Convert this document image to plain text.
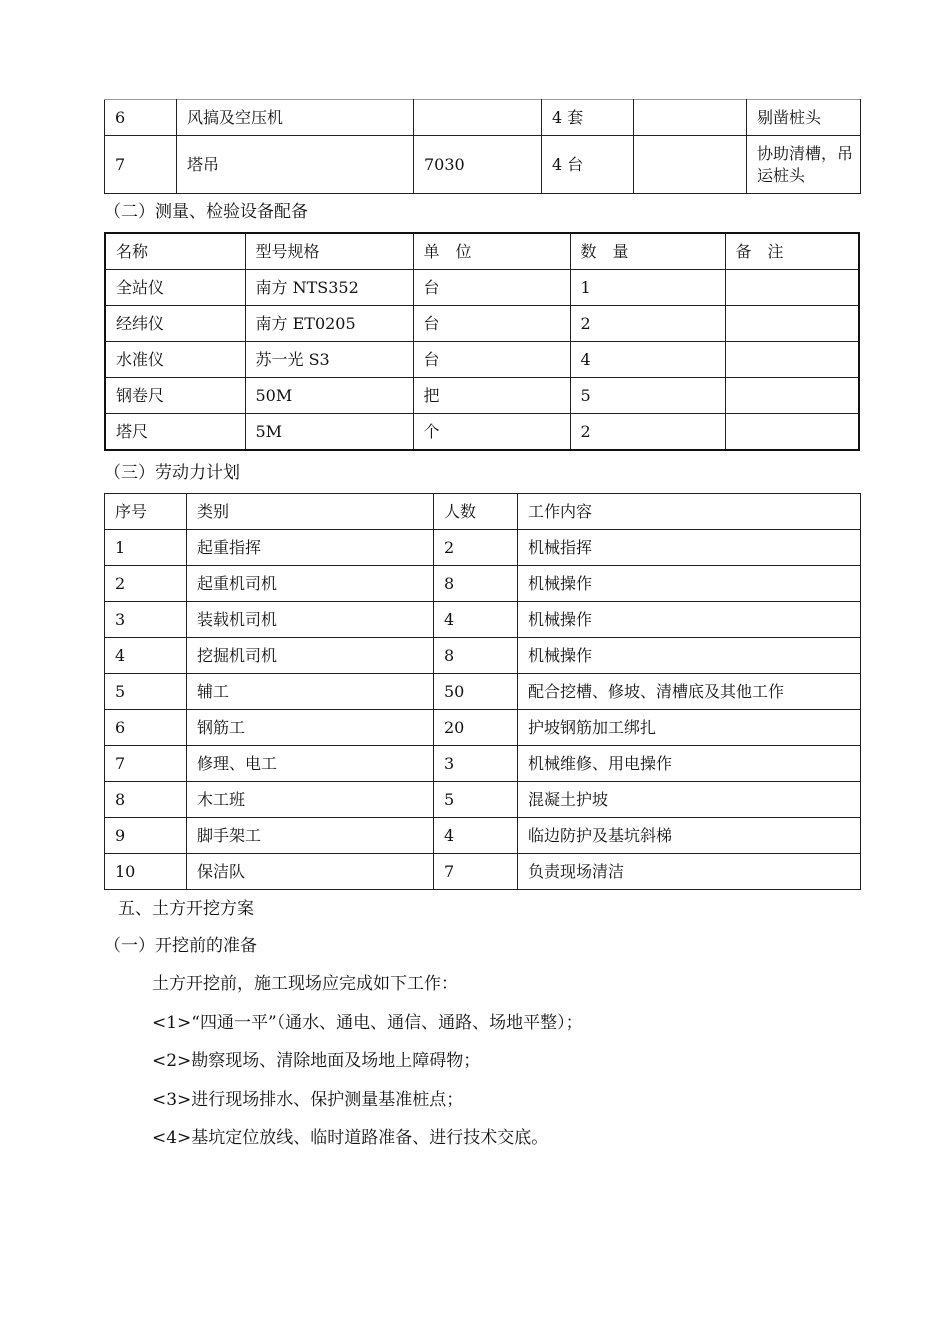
6	风搞及空压机		4 套		剔凿桩头
7	塔吊	7030	4 台		协助清槽，吊运桩头
（二）测量、检验设备配备
名称	型号规格	单　位	数　量	备　注
全站仪	南方 NTS352	台	1	
经纬仪	南方 ET0205	台	2	
水准仪	苏一光 S3	台	4	
钢卷尺	50M	把	5	
塔尺	5M	个	2	
（三）劳动力计划
序号	类别	人数	工作内容
1	起重指挥	2	机械指挥
2	起重机司机	8	机械操作
3	装载机司机	4	机械操作
4	挖掘机司机	8	机械操作
5	辅工	50	配合挖槽、修坡、清槽底及其他工作
6	钢筋工	20	护坡钢筋加工绑扎
7	修理、电工	3	机械维修、用电操作
8	木工班	5	混凝土护坡
9	脚手架工	4	临边防护及基坑斜梯
10	保洁队	7	负责现场清洁
五、土方开挖方案
（一）开挖前的准备
土方开挖前，施工现场应完成如下工作：
<1>“四通一平”（通水、通电、通信、通路、场地平整）；
<2>勘察现场、清除地面及场地上障碍物；
<3>进行现场排水、保护测量基准桩点；
<4>基坑定位放线、临时道路准备、进行技术交底。
